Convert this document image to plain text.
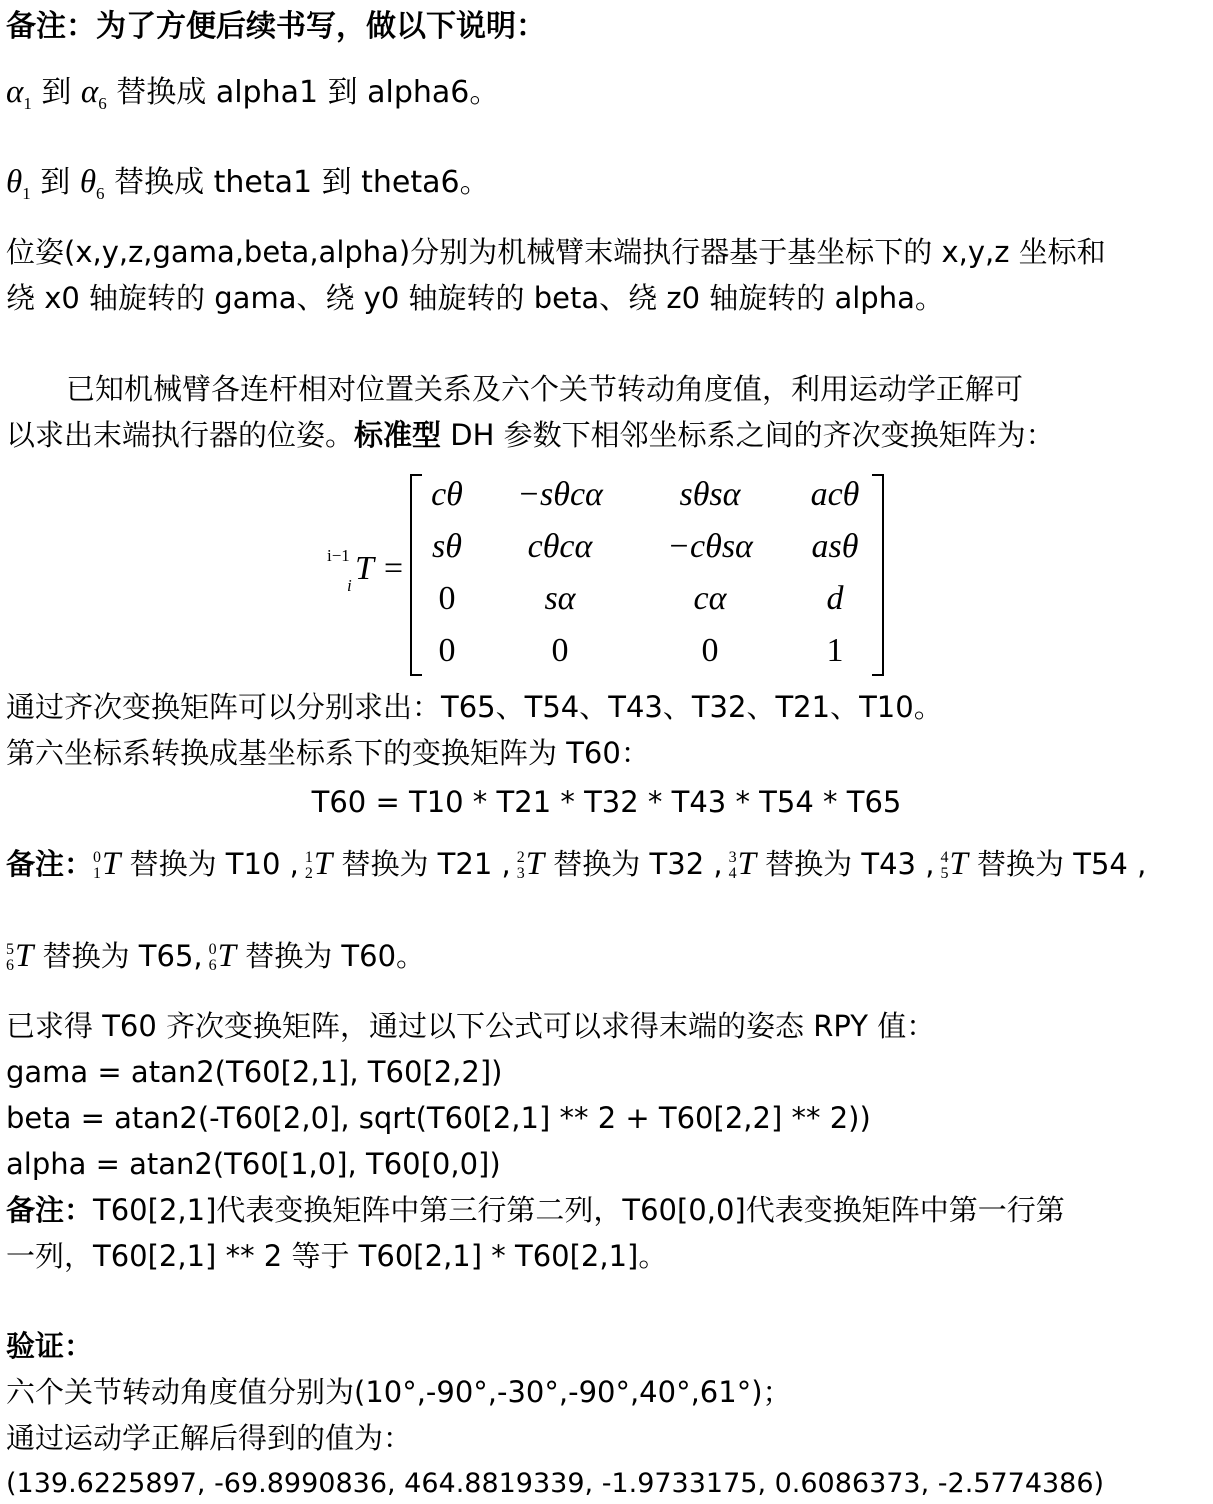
备注：为了方便后续书写，做以下说明：
$\alpha_1$ 到 $\alpha_6$ 替换成 alpha1 到 alpha6。
$\theta_1$ 到 $\theta_6$ 替换成 theta1 到 theta6。
位姿(x,y,z,gama,beta,alpha)分别为机械臂末端执行器基于基坐标下的 x,y,z 坐标和
绕 x0 轴旋转的 gama、绕 y0 轴旋转的 beta、绕 z0 轴旋转的 alpha。
已知机械臂各连杆相对位置关系及六个关节转动角度值，利用运动学正解可
以求出末端执行器的位姿。标准型 DH 参数下相邻坐标系之间的齐次变换矩阵为：
i−1
i T =
cθ	−sθcα	sθsα	acθ
sθ	cθcα	−cθsα	asθ
0	sα	cα	d
0	0	0	1
通过齐次变换矩阵可以分别求出：T65、T54、T43、T32、T21、T10。
第六坐标系转换成基坐标系下的变换矩阵为 T60：
T60 = T10 * T21 * T32 * T43 * T54 * T65
备注： 0
1 T 替换为 T10 , 1
2 T 替换为 T21 , 2
3 T 替换为 T32 , 3
4 T 替换为 T43 , 4
5 T 替换为 T54 ,
5
6 T 替换为 T65, 0
6 T 替换为 T60。
已求得 T60 齐次变换矩阵，通过以下公式可以求得末端的姿态 RPY 值：
gama = atan2(T60[2,1], T60[2,2])
beta = atan2(-T60[2,0], sqrt(T60[2,1] ** 2 + T60[2,2] ** 2))
alpha = atan2(T60[1,0], T60[0,0])
备注：T60[2,1]代表变换矩阵中第三行第二列，T60[0,0]代表变换矩阵中第一行第
一列，T60[2,1] ** 2 等于 T60[2,1] * T60[2,1]。
验证：
六个关节转动角度值分别为(10°,-90°,-30°,-90°,40°,61°)；
通过运动学正解后得到的值为：
(139.6225897, -69.8990836, 464.8819339, -1.9733175, 0.6086373, -2.5774386)
